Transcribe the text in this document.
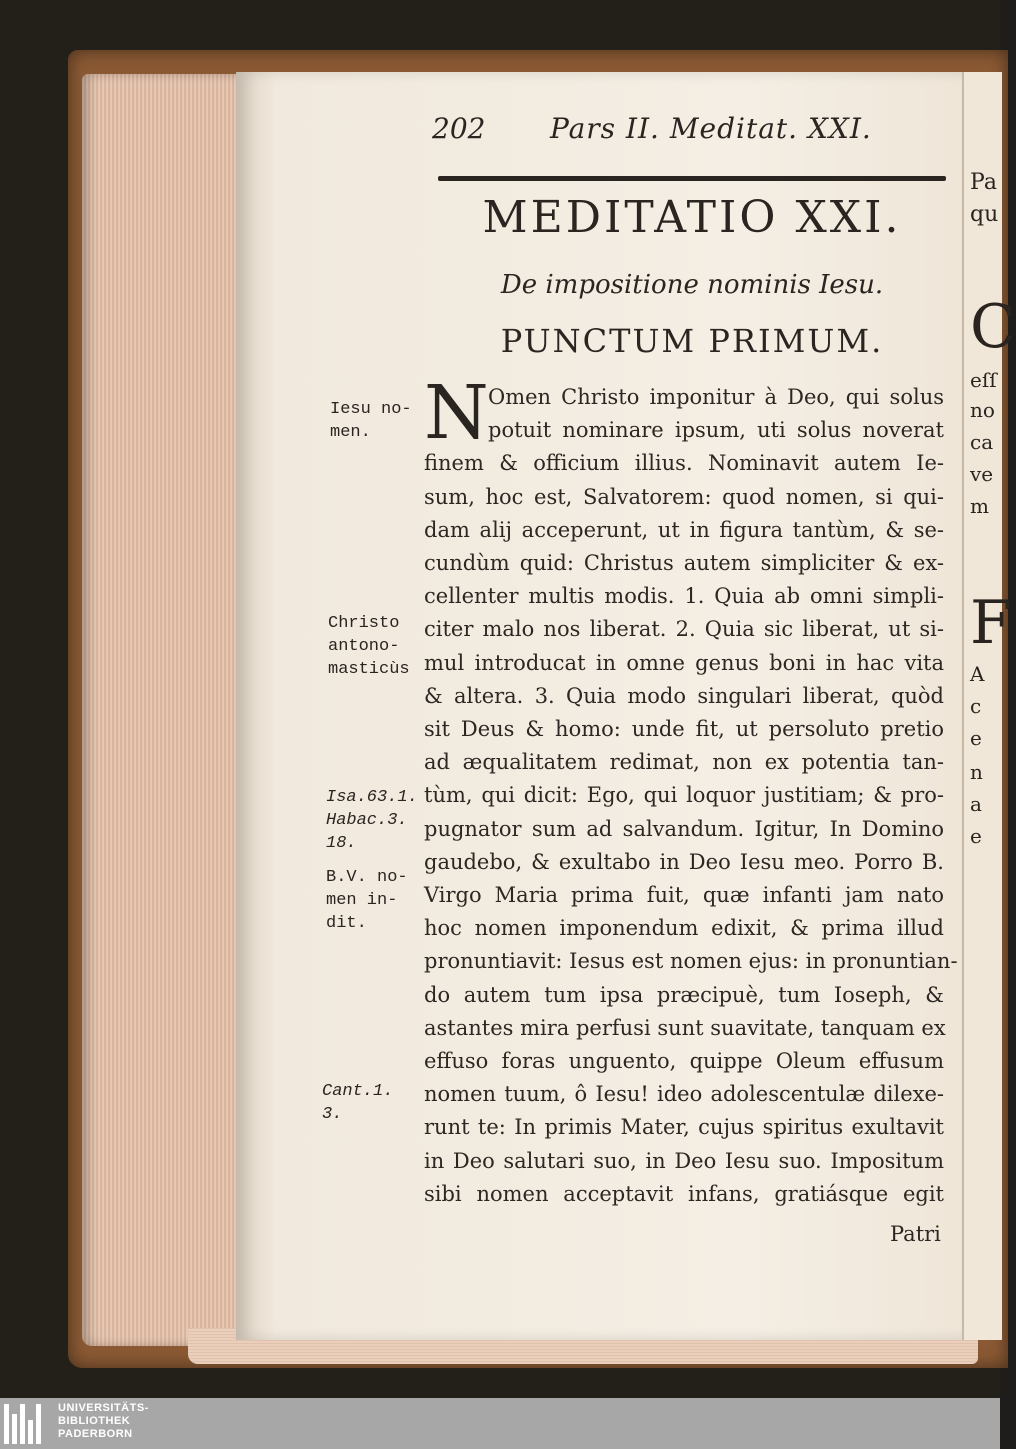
Pa
qu
C
eſſ
no
ca
ve
m
F
A
c
e
n
a
e
202 Pars II. Meditat. XXI.
MEDITATIO XXI.
De impositione nominis Iesu.
PUNCTUM PRIMUM.
N Omen Christo imponitur à Deo, qui solus
potuit nominare ipsum, uti solus noverat
finem & officium illius. Nominavit autem Ie-
sum, hoc est, Salvatorem: quod nomen, si qui-
dam alij acceperunt, ut in figura tantùm, & se-
cundùm quid: Christus autem simpliciter & ex-
cellenter multis modis. 1. Quia ab omni simpli-
citer malo nos liberat. 2. Quia sic liberat, ut si-
mul introducat in omne genus boni in hac vita
& altera. 3. Quia modo singulari liberat, quòd
sit Deus & homo: unde fit, ut persoluto pretio
ad æqualitatem redimat, non ex potentia tan-
tùm, qui dicit: Ego, qui loquor justitiam; & pro-
pugnator sum ad salvandum. Igitur, In Domino
gaudebo, & exultabo in Deo Iesu meo. Porro B.
Virgo Maria prima fuit, quæ infanti jam nato
hoc nomen imponendum edixit, & prima illud
pronuntiavit: Iesus est nomen ejus: in pronuntian-
do autem tum ipsa præcipuè, tum Ioseph, &
astantes mira perfusi sunt suavitate, tanquam ex
effuso foras unguento, quippe Oleum effusum
nomen tuum, ô Iesu! ideo adolescentulæ dilexe-
runt te: In primis Mater, cujus spiritus exultavit
in Deo salutari suo, in Deo Iesu suo. Impositum
sibi nomen acceptavit infans, gratiásque egit
Iesu no-
men.
Christo
antono-
masticùs
Isa.63.1.
Habac.3.
18.
B.V. no-
men in-
dit.
Cant.1.
3.
Patri
UNIVERSITÄTS-
BIBLIOTHEK
PADERBORN
